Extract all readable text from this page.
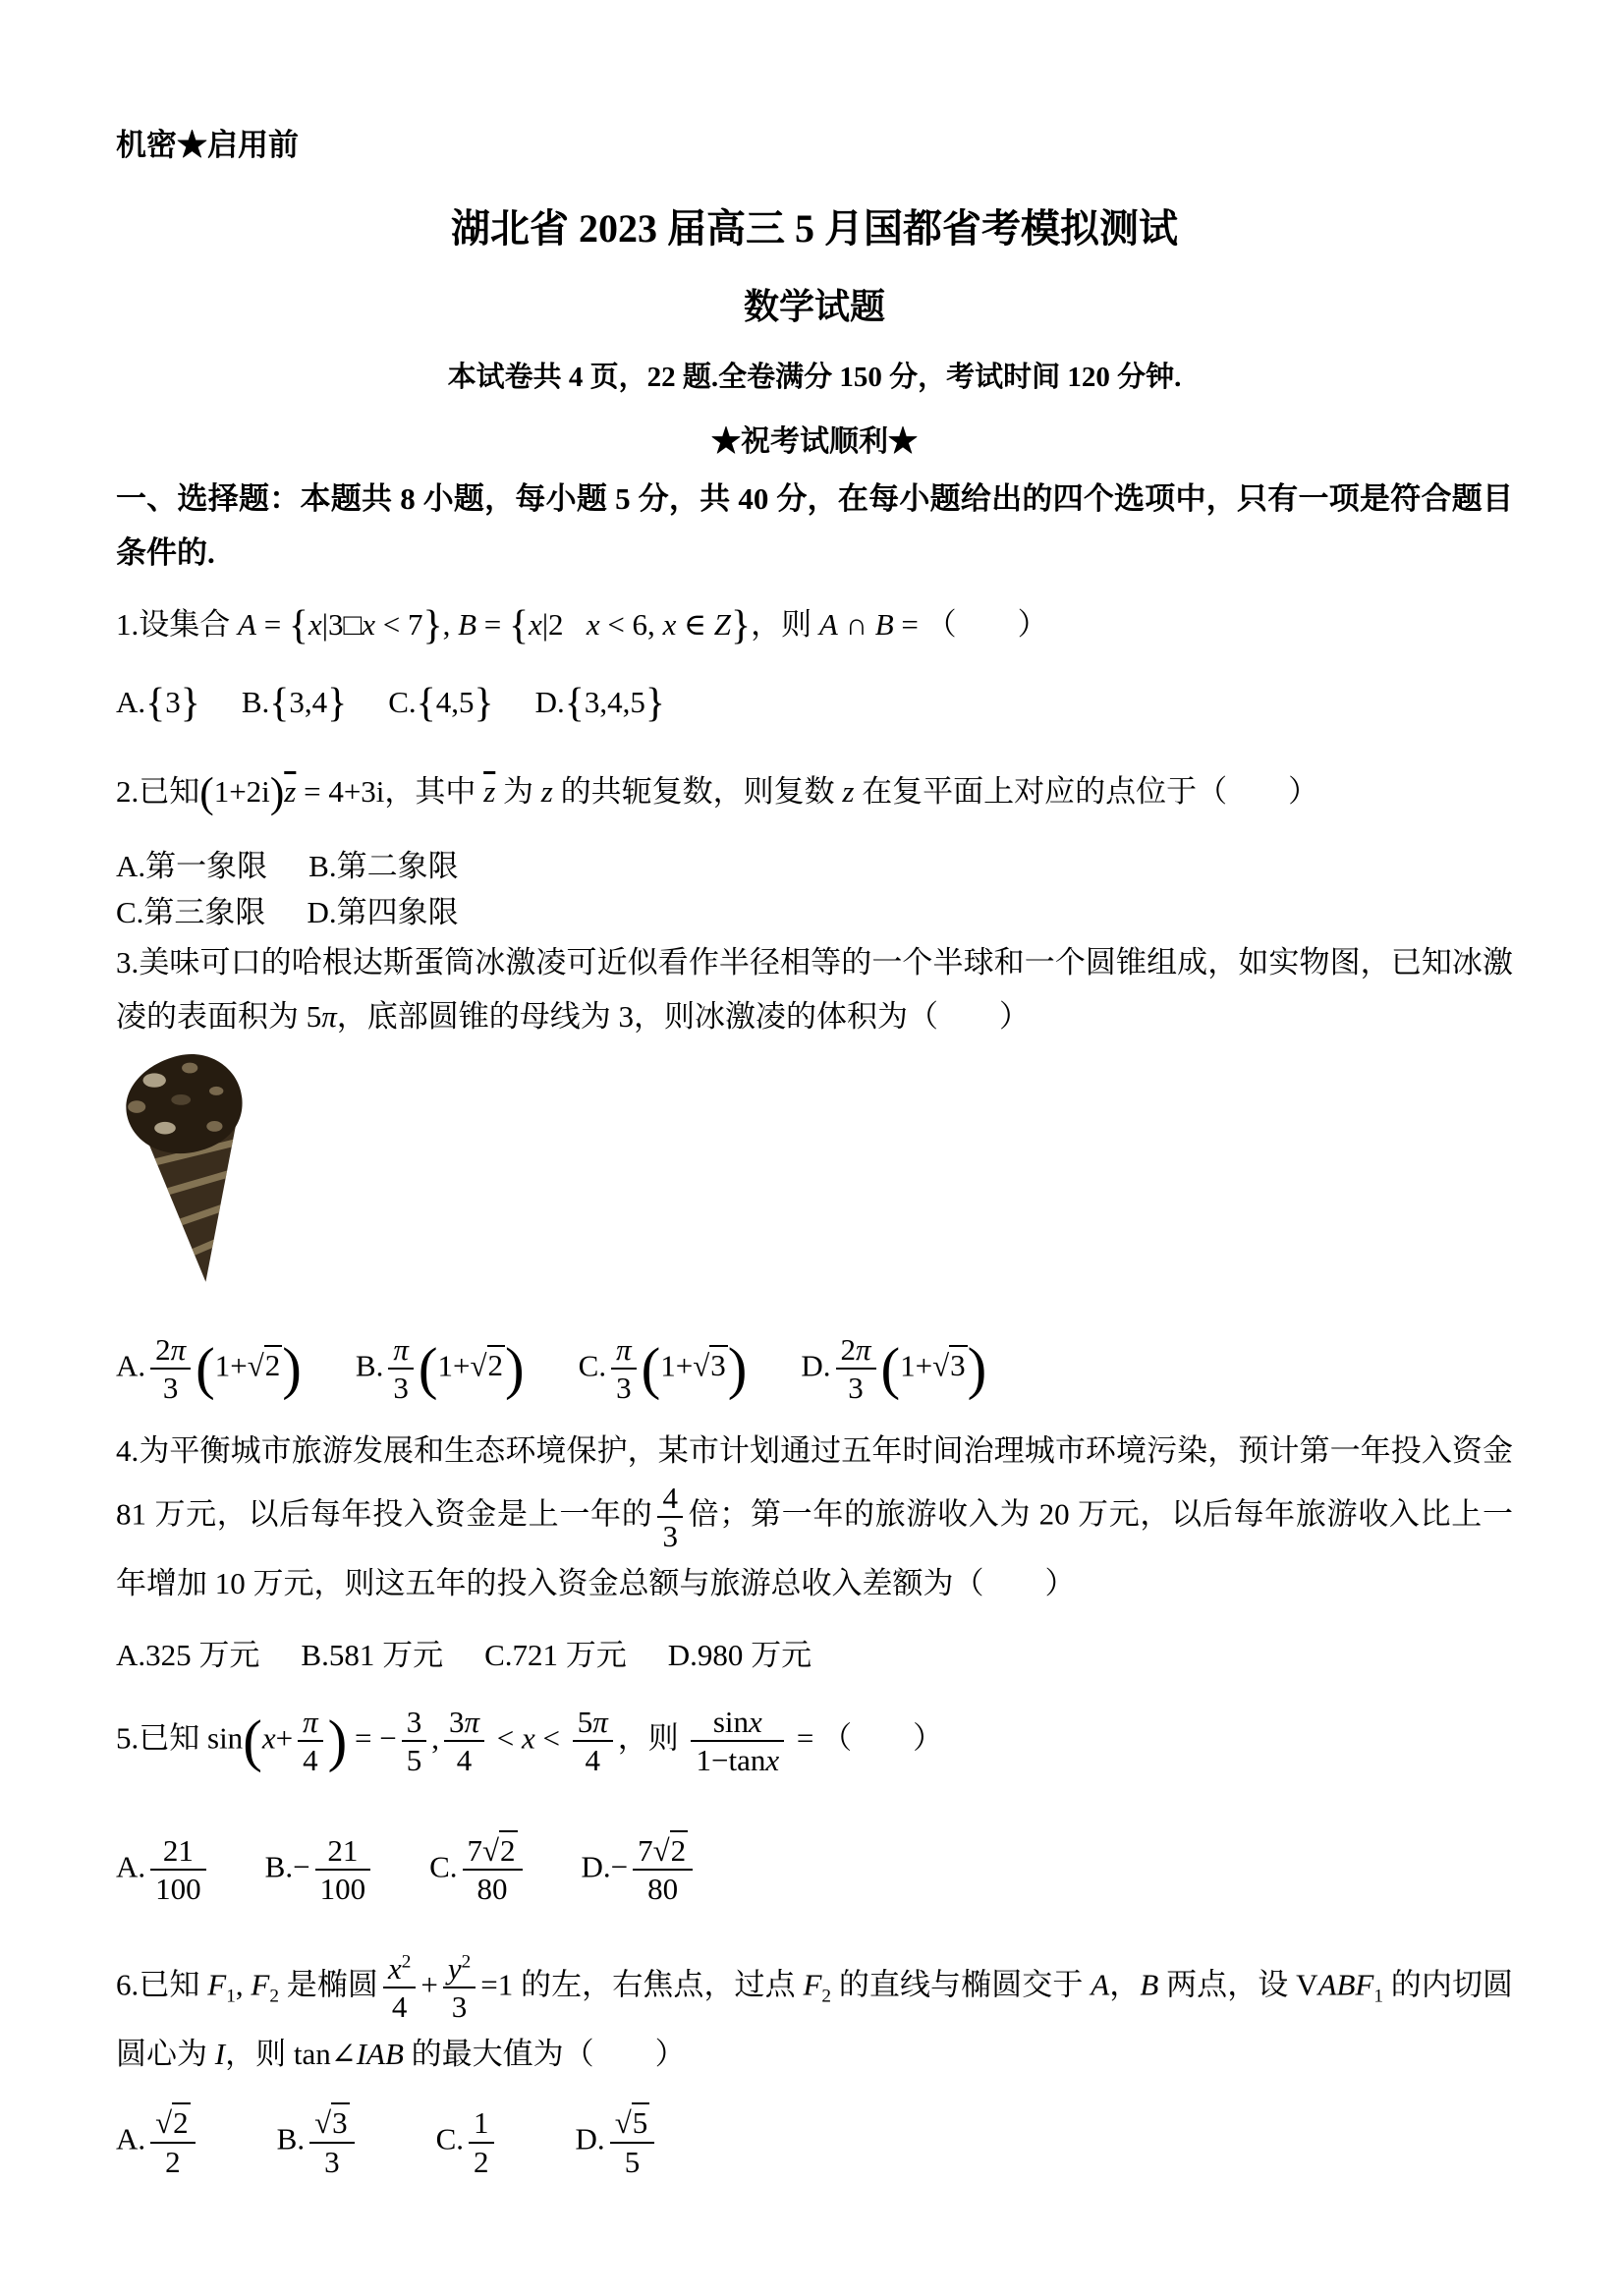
机密★启用前
湖北省 2023 届高三 5 月国都省考模拟测试
数学试题
本试卷共 4 页，22 题.全卷满分 150 分，考试时间 120 分钟.
★祝考试顺利★
一、选择题：本题共 8 小题，每小题 5 分，共 40 分，在每小题给出的四个选项中，只有一项是符合题目条件的.
1.设集合 A = {x|3□x < 7}, B = {x|2  x < 6, x ∈ Z}，则 A ∩ B = （  ）
A.{3} B.{3,4} C.{4,5} D.{3,4,5}
2.已知$(1+2i)\overline{z} = 4+3i$，其中 $\overline{z}$ 为 z 的共轭复数，则复数 z 在复平面上对应的点位于（  ）
A.第一象限 B.第二象限
C.第三象限 D.第四象限
3.美味可口的哈根达斯蛋筒冰激凌可近似看作半径相等的一个半球和一个圆锥组成，如实物图，已知冰激凌的表面积为 5π，底部圆锥的母线为 3，则冰激凌的体积为（  ）
A. $\frac{2\pi}{3} (1+√2)$ B. $\frac{\pi}{3} (1+√2)$ C. $\frac{\pi}{3} (1+√3)$ D. $\frac{2\pi}{3} (1+√3)$
4.为平衡城市旅游发展和生态环境保护，某市计划通过五年时间治理城市环境污染，预计第一年投入资金 81 万元，以后每年投入资金是上一年的 $\frac{4}{3}$ 倍；第一年的旅游收入为 20 万元，以后每年旅游收入比上一年增加 10 万元，则这五年的投入资金总额与旅游总收入差额为（  ）
A.325 万元 B.581 万元 C.721 万元 D.980 万元
5.已知 $\sin(x+ \frac{\pi}{4}$ ) = − $\frac{3}{5}$ , $\frac{3\pi}{4} < x < \frac{5\pi}{4}$ ，则 $\frac{\sin x}{1-\tan x}$ = （  ）
A. $\frac{21}{100} B.- \frac{21}{100} C$. $\frac{7√2}{80} D.- \frac{7√2}{80}$
6.已知 $F_1$, $F_2$ 是椭圆 $\frac{x^2}{4} + \frac{y^2}{3} =1$ 的左，右焦点，过点 $F_2$ 的直线与椭圆交于 A，B 两点，设 $VABF_1$ 的内切圆圆心为 I，则 tan∠IAB 的最大值为（  ）
A. $\frac{√2}{2}$	B. $\frac{√3}{3}$	C. $\frac{1}{2}$	D. $\frac{√5}{5}$
